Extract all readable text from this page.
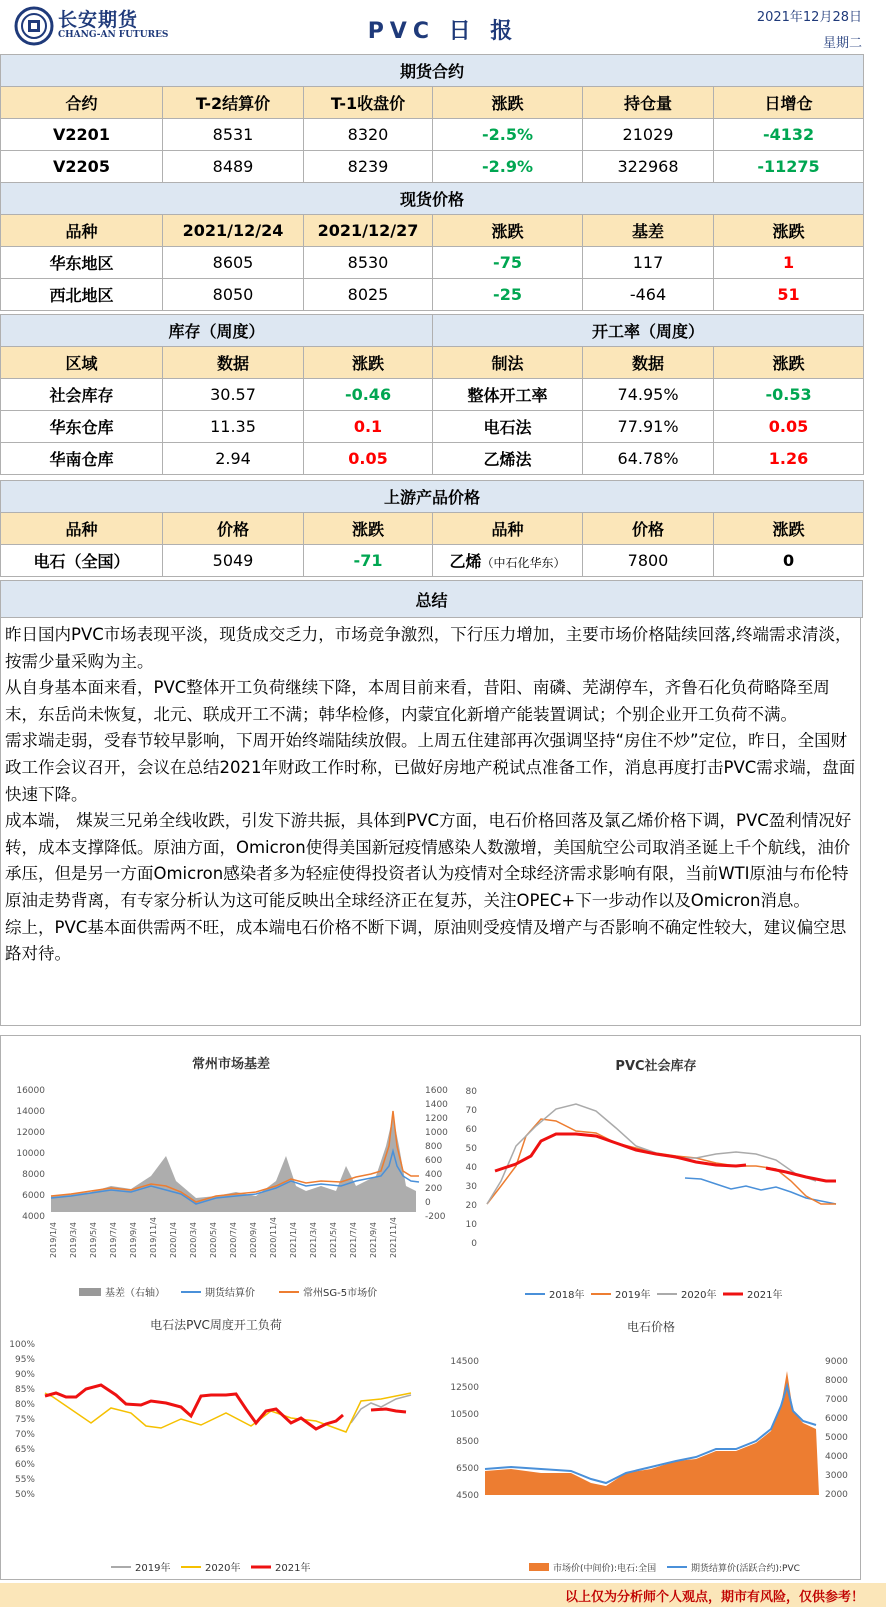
长安期货
CHANG-AN FUTURES	PVC 日 报
2021年12月28日
星期二
期货合约					
合约	T-2结算价	T-1收盘价	涨跌	持仓量	日增仓
V2201	8531	8320	-2.5%	21029	-4132
V2205	8489	8239	-2.9%	322968	-11275
现货价格					
品种	2021/12/24	2021/12/27	涨跌	基差	涨跌
华东地区	8605	8530	-75	117	1
西北地区	8050	8025	-25	-464	51
库存（周度）			开工率（周度）		
区域	数据	涨跌	制法	数据	涨跌
社会库存	30.57	-0.46	整体开工率	74.95%	-0.53
华东仓库	11.35	0.1	电石法	77.91%	0.05
华南仓库	2.94	0.05	乙烯法	64.78%	1.26
上游产品价格					
品种	价格	涨跌	品种	价格	涨跌
电石（全国）	5049	-71	乙烯（中石化华东）	7800	0
总结

昨日国内PVC市场表现平淡，现货成交乏力，市场竞争激烈，下行压力增加，主要市场价格陆续回落,终端需求清淡，按需少量采购为主。

从自身基本面来看，PVC整体开工负荷继续下降，本周目前来看，昔阳、南磷、芜湖停车，齐鲁石化负荷略降至周末，东岳尚未恢复，北元、联成开工不满；韩华检修，内蒙宜化新增产能装置调试；个别企业开工负荷不满。

需求端走弱，受春节较早影响，下周开始终端陆续放假。上周五住建部再次强调坚持“房住不炒”定位，昨日，全国财政工作会议召开，会议在总结2021年财政工作时称，已做好房地产税试点准备工作，消息再度打击PVC需求端，盘面快速下降。

成本端， 煤炭三兄弟全线收跌，引发下游共振，具体到PVC方面，电石价格回落及氯乙烯价格下调，PVC盈利情况好转，成本支撑降低。原油方面，Omicron使得美国新冠疫情感染人数激增，美国航空公司取消圣诞上千个航线，油价承压，但是另一方面Omicron感染者多为轻症使得投资者认为疫情对全球经济需求影响有限，当前WTI原油与布伦特原油走势背离，有专家分析认为这可能反映出全球经济正在复苏，关注OPEC+下一步动作以及Omicron消息。

综上，PVC基本面供需两不旺，成本端电石价格不断下调，原油则受疫情及增产与否影响不确定性较大，建议偏空思路对待。

常州市场基差
16000
14000
12000
10000
8000
6000
4000
1600
1400
1200
1000
800
600
400
200
0
-200
2019/1/4 2019/3/4 2019/5/4 2019/7/4 2019/9/4 2019/11/4 2020/1/4 2020/3/4 2020/5/4 2020/7/4 2020/9/4 2020/11/4 2021/1/4 2021/3/4 2021/5/4 2021/7/4 2021/9/4 2021/11/4
基差（右轴）	期货结算价	常州SG-5市场价
PVC社会库存
80
70
60
50
40
30
20
10
0
2018年	2019年	2020年	2021年
电石法PVC周度开工负荷
100%
95%
90%
85%
80%
75%
70%
65%
60%
55%
50%
2019年	2020年	2021年
电石价格
14500
12500
10500
8500
6500
4500
9000
8000
7000
6000
5000
4000
3000
2000
市场价(中间价):电石:全国	期货结算价(活跃合约):PVC
以上仅为分析师个人观点，期市有风险，仅供参考！
